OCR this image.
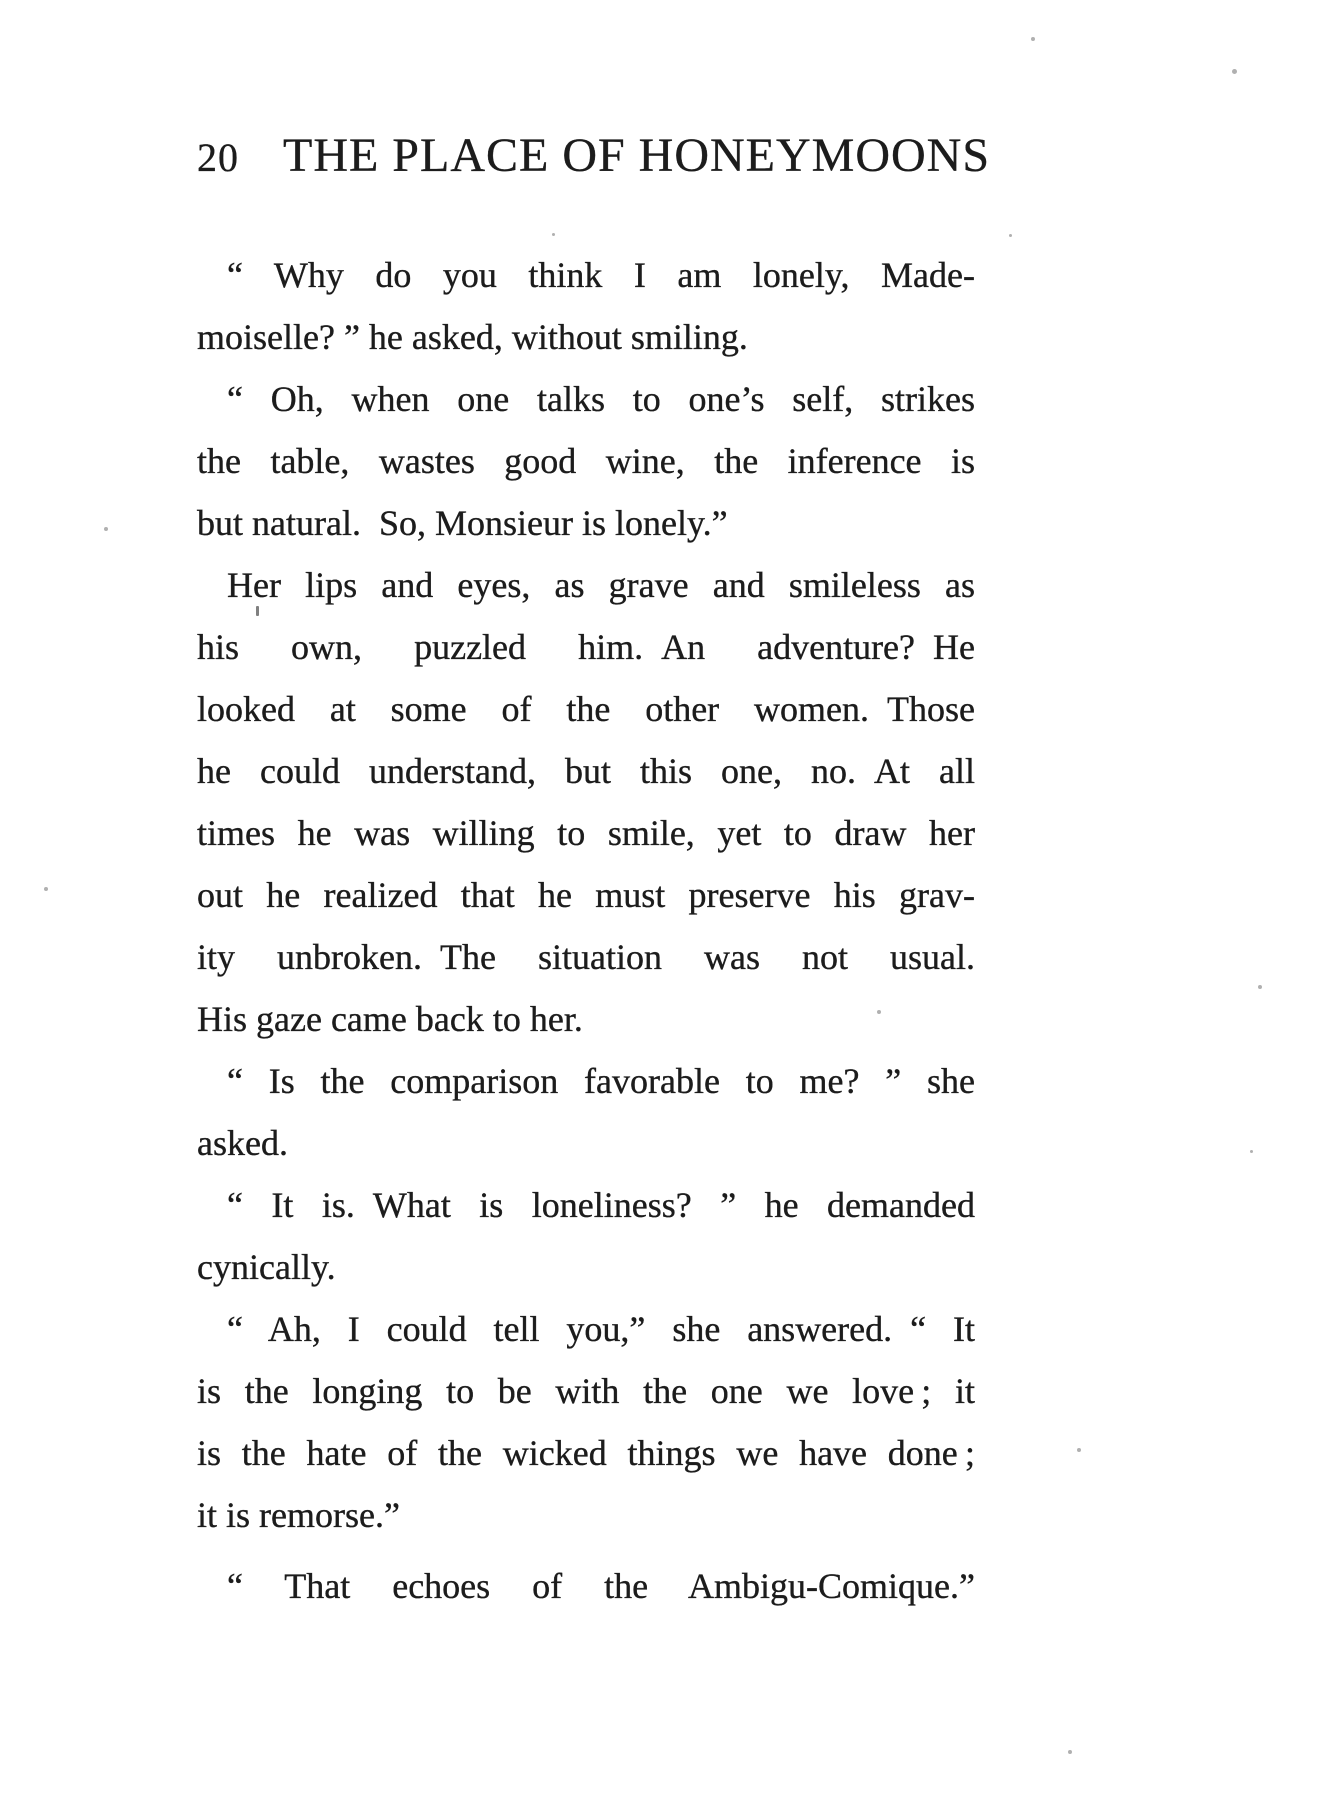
20 THE PLACE OF HONEYMOONS
“ Why do you think I am lonely, Made-
moiselle? ” he asked, without smiling.
“ Oh, when one talks to one’s self, strikes
the table, wastes good wine, the inference is
but natural. So, Monsieur is lonely.”
Her lips and eyes, as grave and smileless as
his own, puzzled him. An adventure? He
looked at some of the other women. Those
he could understand, but this one, no. At all
times he was willing to smile, yet to draw her
out he realized that he must preserve his grav-
ity unbroken. The situation was not usual.
His gaze came back to her.
“ Is the comparison favorable to me? ” she
asked.
“ It is. What is loneliness? ” he demanded
cynically.
“ Ah, I could tell you,” she answered. “ It
is the longing to be with the one we love ; it
is the hate of the wicked things we have done ;
it is remorse.”
“ That echoes of the Ambigu-Comique.”
